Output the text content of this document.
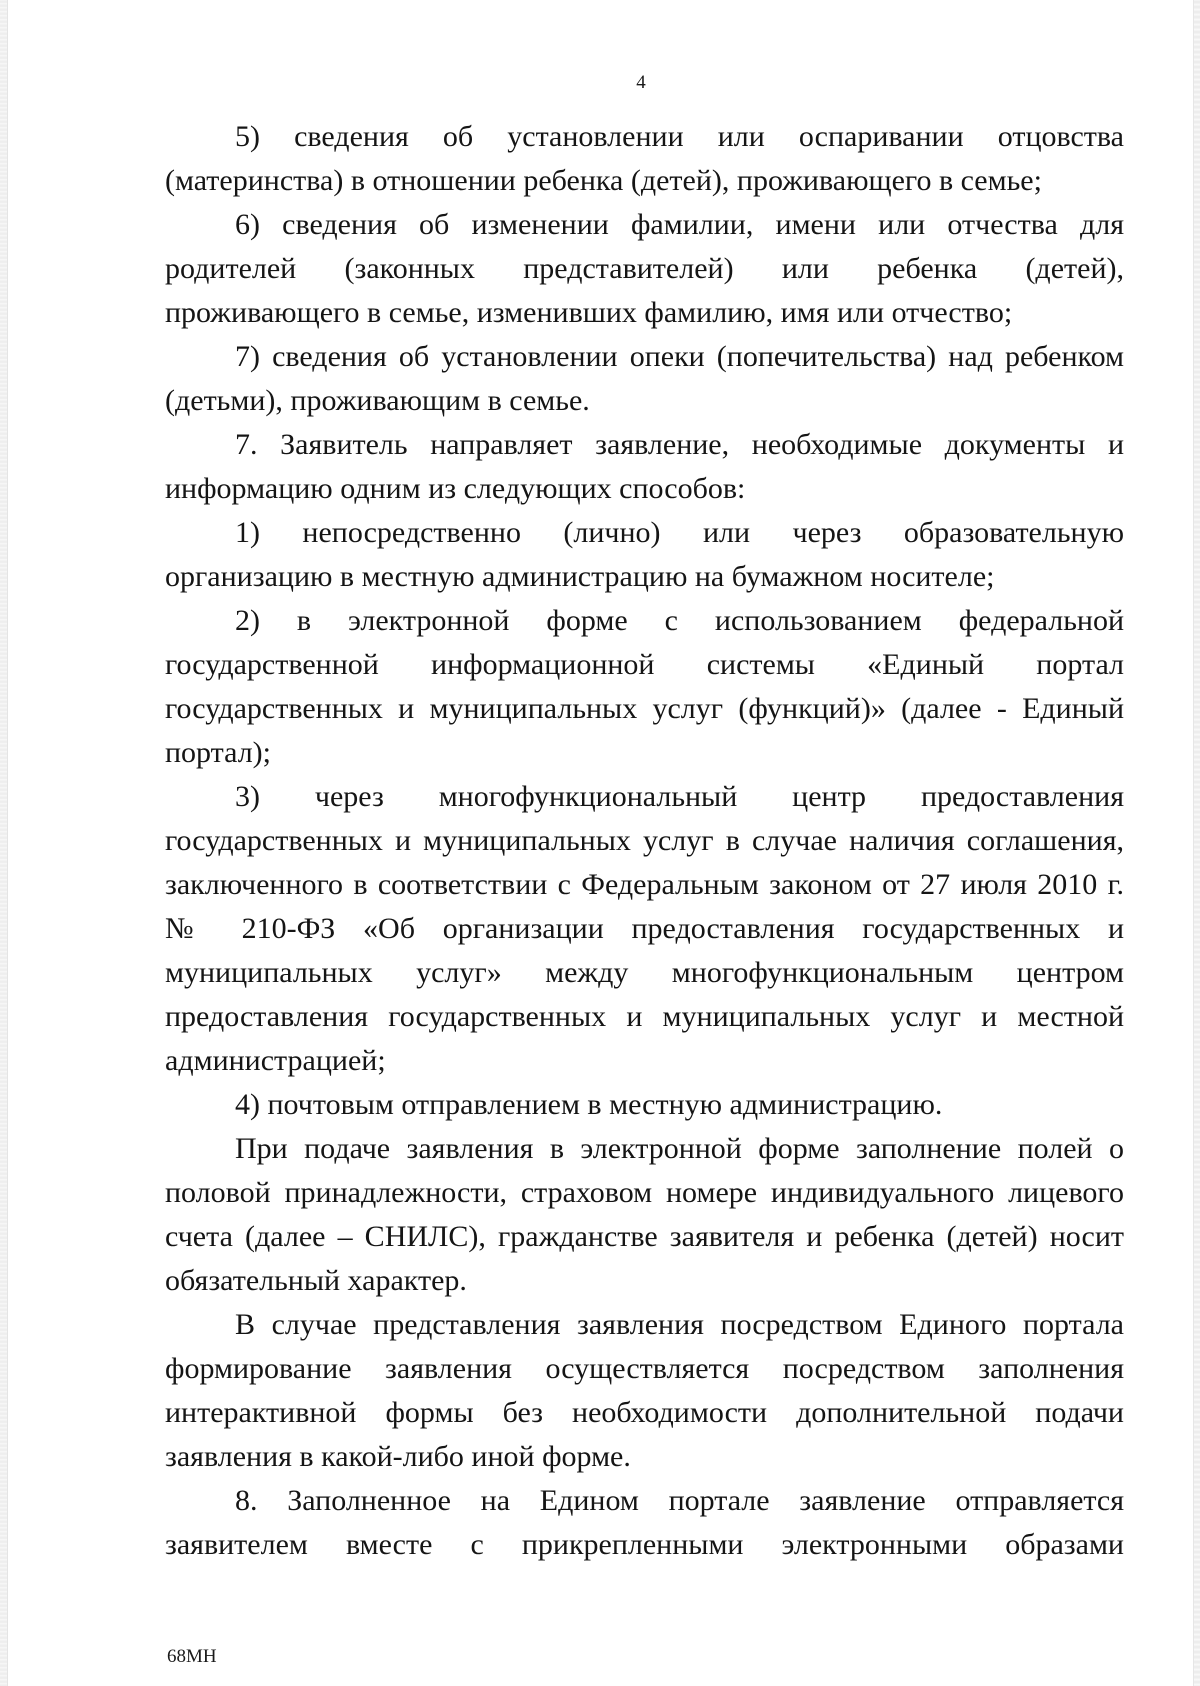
4
5) сведения об установлении или оспаривании отцовства
(материнства) в отношении ребенка (детей), проживающего в семье;
6) сведения об изменении фамилии, имени или отчества для
родителей (законных представителей) или ребенка (детей),
проживающего в семье, изменивших фамилию, имя или отчество;
7) сведения об установлении опеки (попечительства) над ребенком
(детьми), проживающим в семье.
7. Заявитель направляет заявление, необходимые документы и
информацию одним из следующих способов:
1) непосредственно (лично) или через образовательную
организацию в местную администрацию на бумажном носителе;
2) в электронной форме с использованием федеральной
государственной информационной системы «Единый портал
государственных и муниципальных услуг (функций)» (далее - Единый
портал);
3) через многофункциональный центр предоставления
государственных и муниципальных услуг в случае наличия соглашения,
заключенного в соответствии с Федеральным законом от 27 июля 2010 г.
№ 210-ФЗ «Об организации предоставления государственных и
муниципальных услуг» между многофункциональным центром
предоставления государственных и муниципальных услуг и местной
администрацией;
4) почтовым отправлением в местную администрацию.
При подаче заявления в электронной форме заполнение полей о
половой принадлежности, страховом номере индивидуального лицевого
счета (далее – СНИЛС), гражданстве заявителя и ребенка (детей) носит
обязательный характер.
В случае представления заявления посредством Единого портала
формирование заявления осуществляется посредством заполнения
интерактивной формы без необходимости дополнительной подачи
заявления в какой-либо иной форме.
8. Заполненное на Едином портале заявление отправляется
заявителем вместе с прикрепленными электронными образами
68МН
